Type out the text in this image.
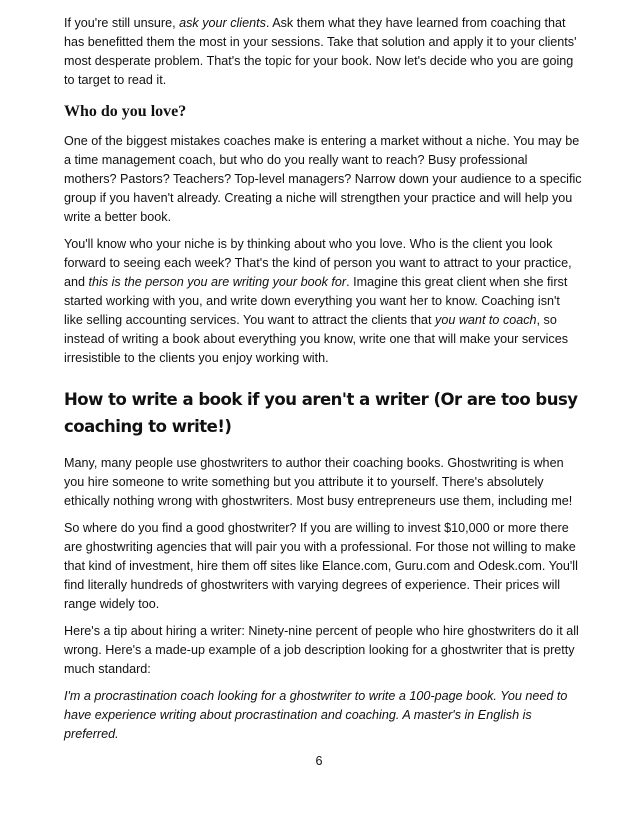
If you're still unsure, ask your clients. Ask them what they have learned from coaching that has benefitted them the most in your sessions. Take that solution and apply it to your clients' most desperate problem. That's the topic for your book. Now let's decide who you are going to target to read it.

Who do you love?

One of the biggest mistakes coaches make is entering a market without a niche. You may be a time management coach, but who do you really want to reach? Busy professional mothers? Pastors? Teachers? Top-level managers? Narrow down your audience to a specific group if you haven't already. Creating a niche will strengthen your practice and will help you write a better book.

You'll know who your niche is by thinking about who you love. Who is the client you look forward to seeing each week? That's the kind of person you want to attract to your practice, and this is the person you are writing your book for. Imagine this great client when she first started working with you, and write down everything you want her to know. Coaching isn't like selling accounting services. You want to attract the clients that you want to coach, so instead of writing a book about everything you know, write one that will make your services irresistible to the clients you enjoy working with.

How to write a book if you aren't a writer (Or are too busy coaching to write!)

Many, many people use ghostwriters to author their coaching books. Ghostwriting is when you hire someone to write something but you attribute it to yourself. There's absolutely ethically nothing wrong with ghostwriters. Most busy entrepreneurs use them, including me!

So where do you find a good ghostwriter? If you are willing to invest $10,000 or more there are ghostwriting agencies that will pair you with a professional. For those not willing to make that kind of investment, hire them off sites like Elance.com, Guru.com and Odesk.com. You'll find literally hundreds of ghostwriters with varying degrees of experience. Their prices will range widely too.

Here's a tip about hiring a writer: Ninety-nine percent of people who hire ghostwriters do it all wrong. Here's a made-up example of a job description looking for a ghostwriter that is pretty much standard:

I'm a procrastination coach looking for a ghostwriter to write a 100-page book. You need to have experience writing about procrastination and coaching. A master's in English is preferred.

6
